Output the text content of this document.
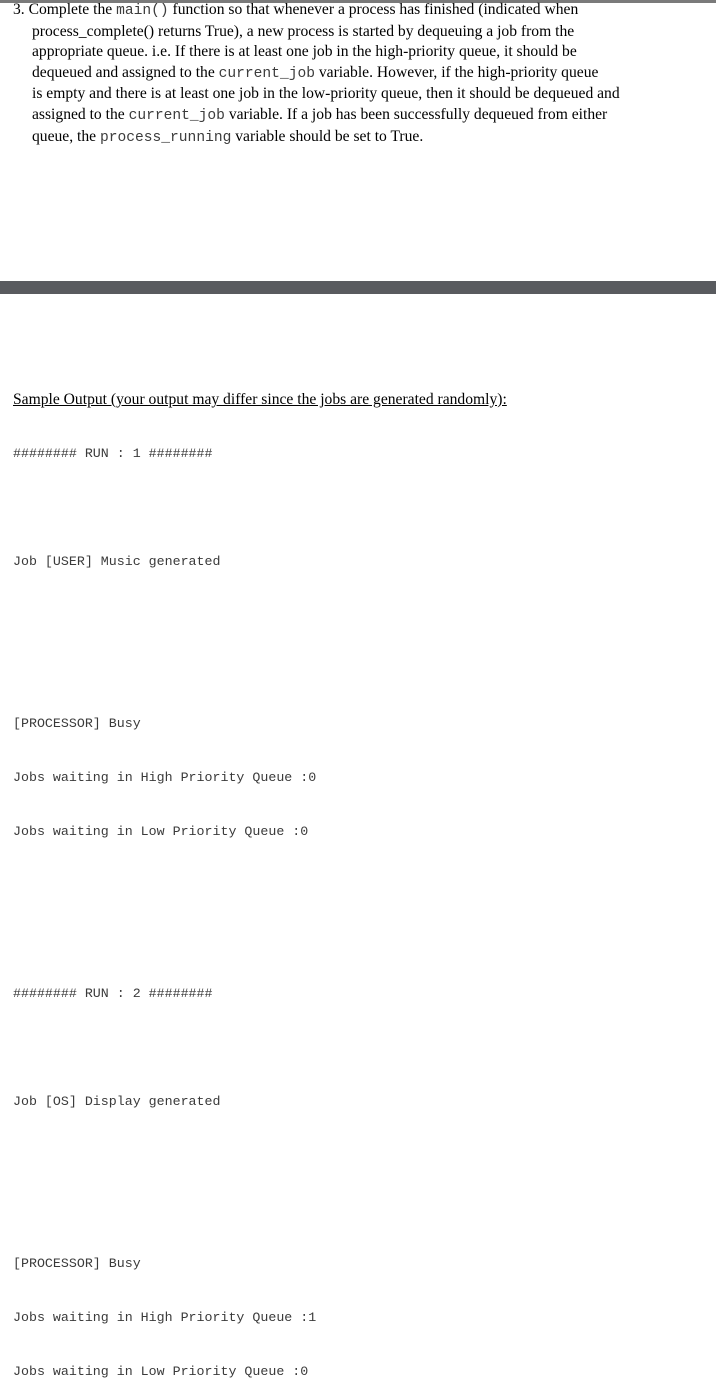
3. Complete the main() function so that whenever a process has finished (indicated when
process_complete() returns True), a new process is started by dequeuing a job from the
appropriate queue. i.e. If there is at least one job in the high-priority queue, it should be
dequeued and assigned to the current_job variable. However, if the high-priority queue
is empty and there is at least one job in the low-priority queue, then it should be dequeued and
assigned to the current_job variable. If a job has been successfully dequeued from either
queue, the process_running variable should be set to True.
Sample Output (your output may differ since the jobs are generated randomly):

######## RUN : 1 ########

Job [USER] Music generated

[PROCESSOR] Busy

Jobs waiting in High Priority Queue :0

Jobs waiting in Low Priority Queue :0

######## RUN : 2 ########

Job [OS] Display generated

[PROCESSOR] Busy

Jobs waiting in High Priority Queue :1

Jobs waiting in Low Priority Queue :0
